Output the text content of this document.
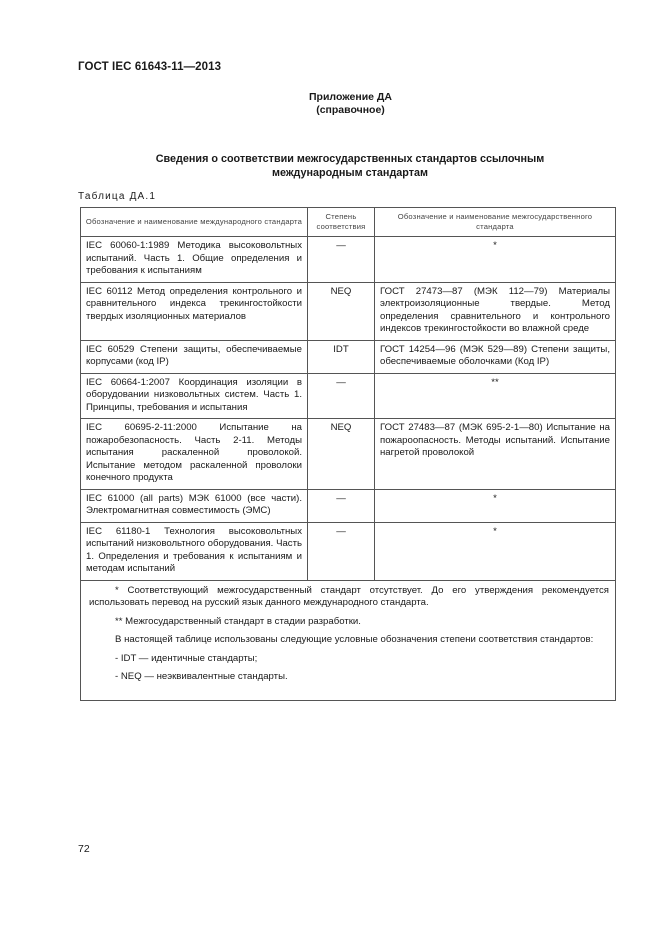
ГОСТ IEC 61643-11—2013
Приложение ДА
(справочное)
Сведения о соответствии межгосударственных стандартов ссылочным
международным стандартам
Таблица ДА.1
Обозначение и наименование международного стандарта	Степень соответствия	Обозначение и наименование межгосударственного стандарта
IEC 60060-1:1989 Методика высоковольтных испытаний. Часть 1. Общие определения и требования к испытаниям	—	*
IEC 60112 Метод определения контрольного и сравнительного индекса трекингостойкости твердых изоляционных материалов	NEQ	ГОСТ 27473—87 (МЭК 112—79) Материалы электроизоляционные твердые. Метод определения сравнительного и контрольного индексов трекингостойкости во влажной среде
IEC 60529 Степени защиты, обеспечиваемые корпусами (код IP)	IDT	ГОСТ 14254—96 (МЭК 529—89) Степени защиты, обеспечиваемые оболочками (Код IP)
IEC 60664-1:2007 Координация изоляции в оборудовании низковольтных систем. Часть 1. Принципы, требования и испытания	—	**
IEC 60695-2-11:2000 Испытание на пожаробезопасность. Часть 2-11. Методы испытания раскаленной проволокой. Испытание методом раскаленной проволоки конечного продукта	NEQ	ГОСТ 27483—87 (МЭК 695-2-1—80) Испытание на пожароопасность. Методы испытаний. Испытание нагретой проволокой
IEC 61000 (all parts) МЭК 61000 (все части). Электромагнитная совместимость (ЭМС)	—	*
IEC 61180-1 Технология высоковольтных испытаний низковольтного оборудования. Часть 1. Определения и требования к испытаниям и методам испытаний	—	*

* Соответствующий межгосударственный стандарт отсутствует. До его утверждения рекомендуется использовать перевод на русский язык данного международного стандарта.

** Межгосударственный стандарт в стадии разработки.

В настоящей таблице использованы следующие условные обозначения степени соответствия стандартов:

- IDT — идентичные стандарты;

- NEQ — неэквивалентные стандарты.		

72
